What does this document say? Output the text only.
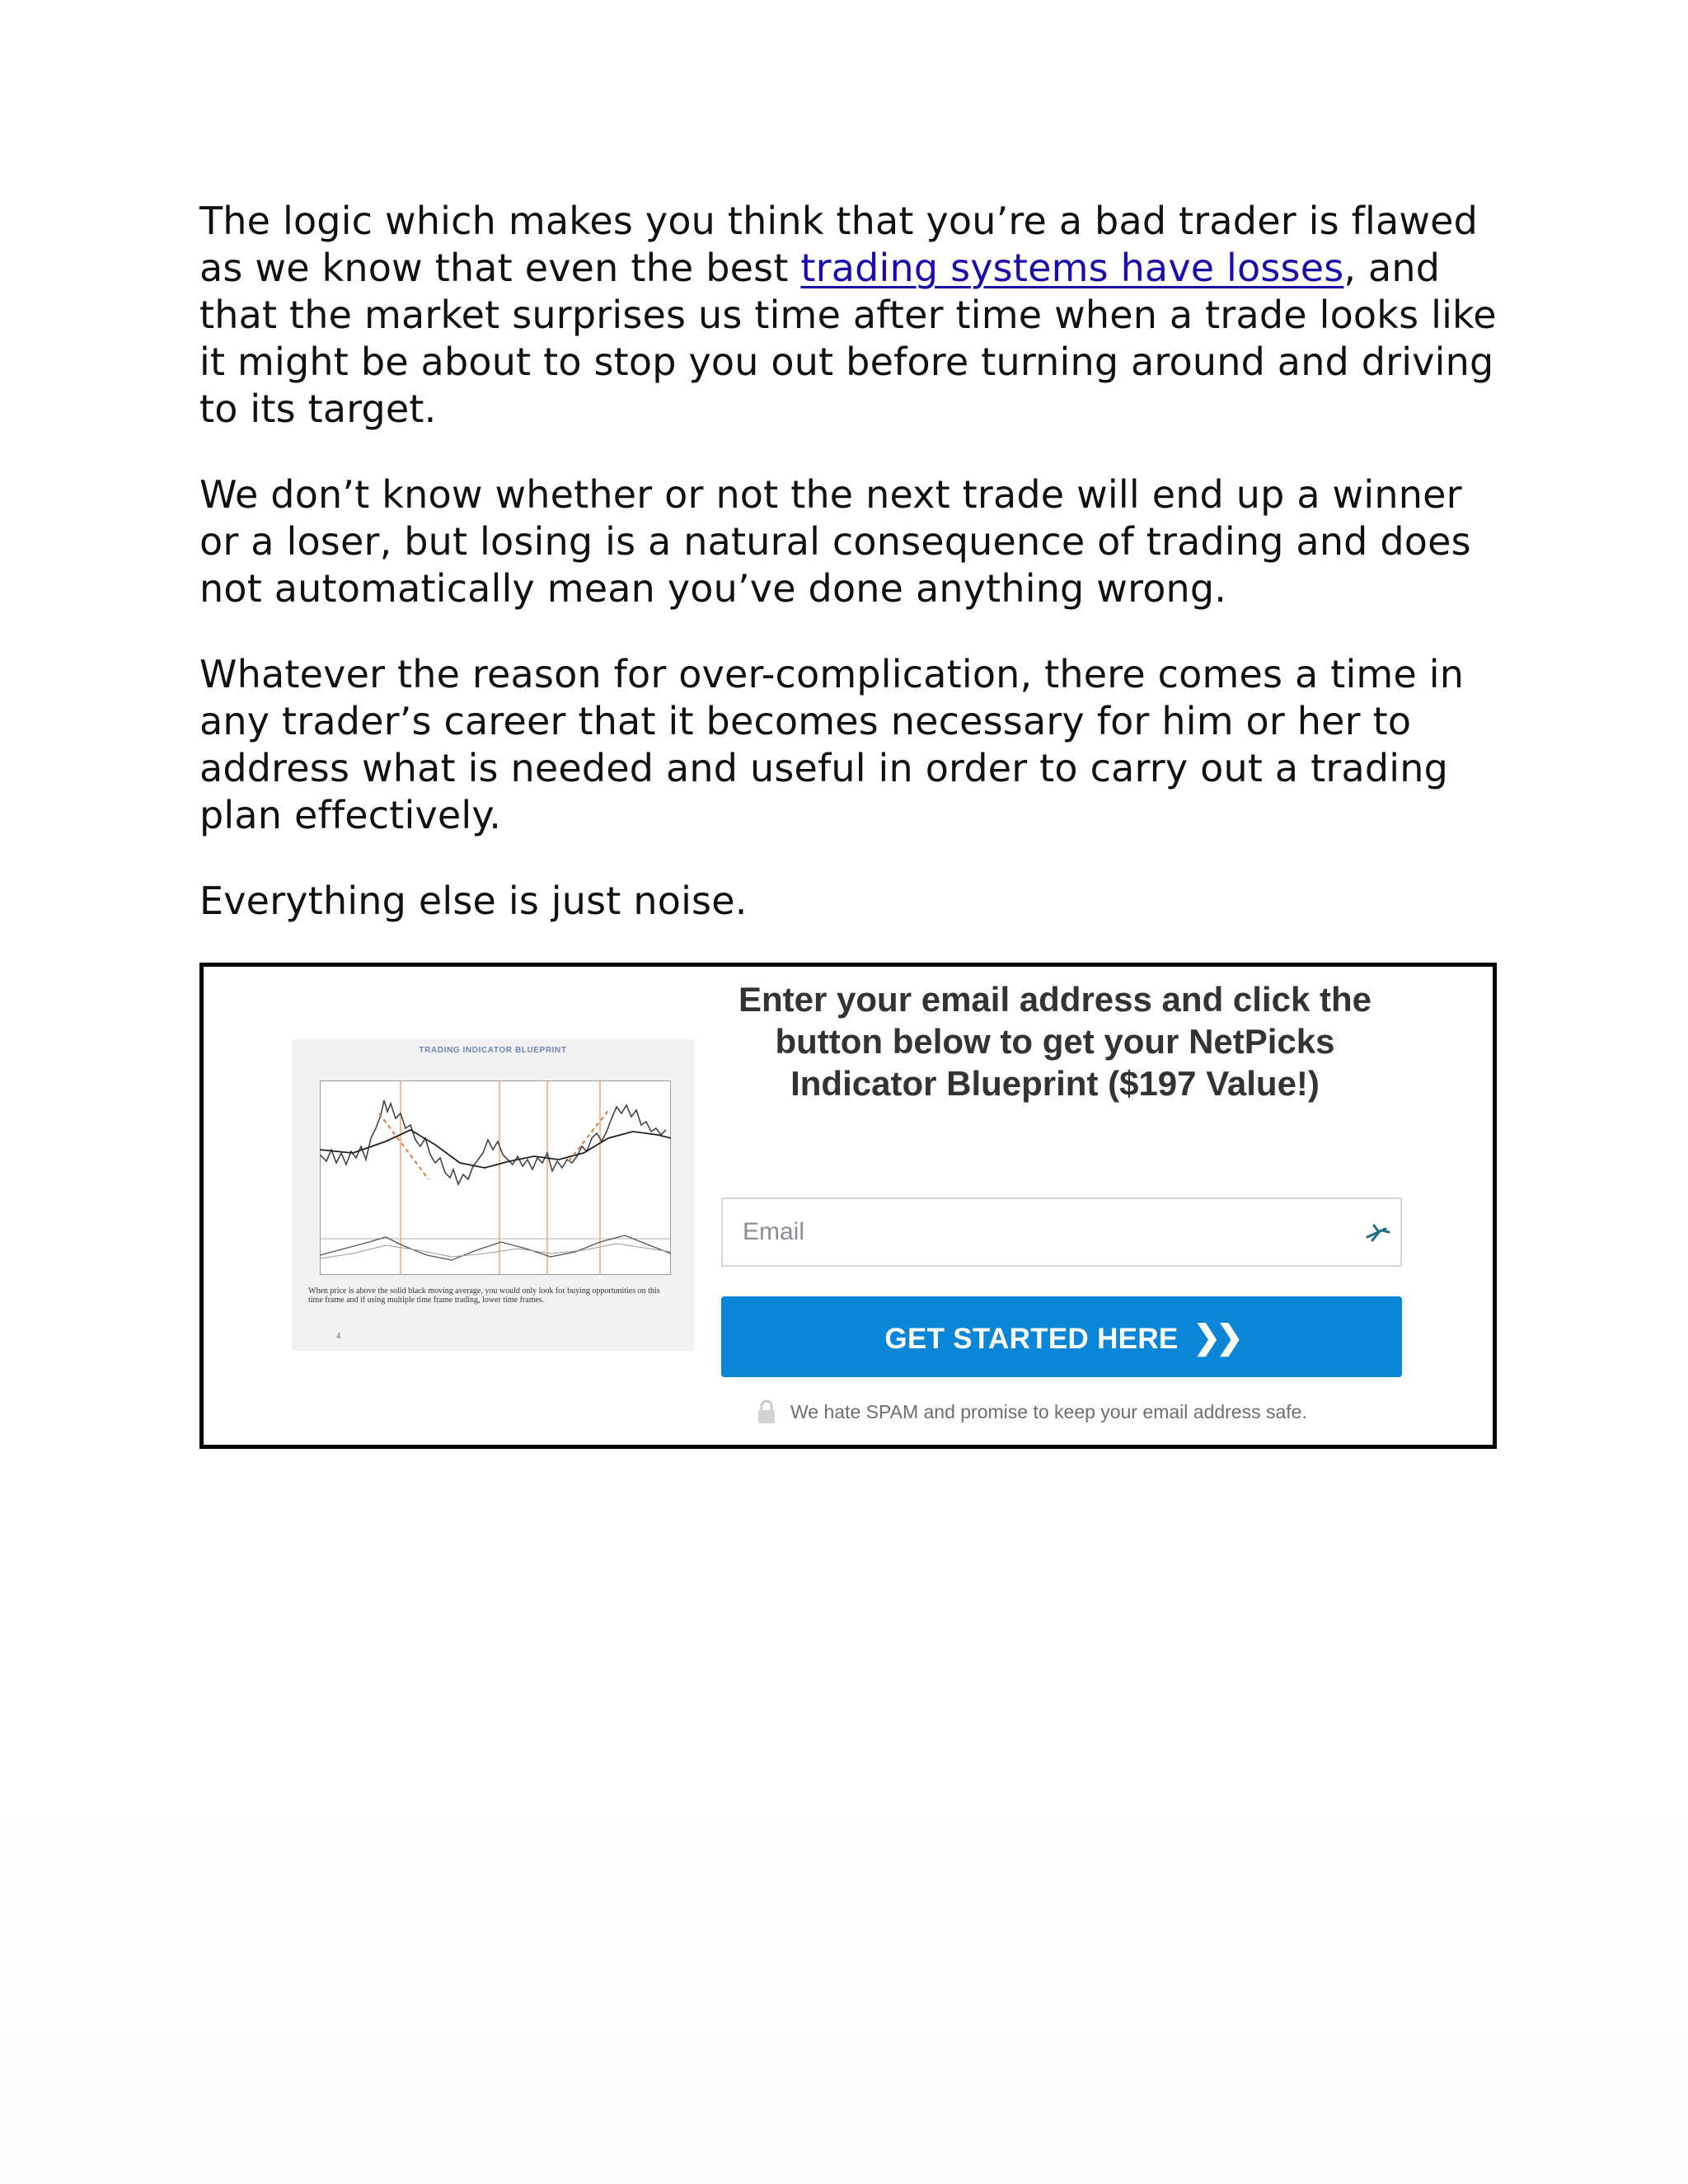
The logic which makes you think that you’re a bad trader is flawed as we know that even the best trading systems have losses, and that the market surprises us time after time when a trade looks like it might be about to stop you out before turning around and driving to its target.

We don’t know whether or not the next trade will end up a winner or a loser, but losing is a natural consequence of trading and does not automatically mean you’ve done anything wrong.

Whatever the reason for over-complication, there comes a time in any trader’s career that it becomes necessary for him or her to address what is needed and useful in order to carry out a trading plan effectively.

Everything else is just noise.

TRADING INDICATOR BLUEPRINT
When price is above the solid black moving average, you would only look for buying opportunities on this time frame and if using multiple time frame trading, lower time frames.
4
Enter your email address and click the button below to get your NetPicks Indicator Blueprint ($197 Value!)
Email
GET STARTED HERE ❯❯
We hate SPAM and promise to keep your email address safe.
